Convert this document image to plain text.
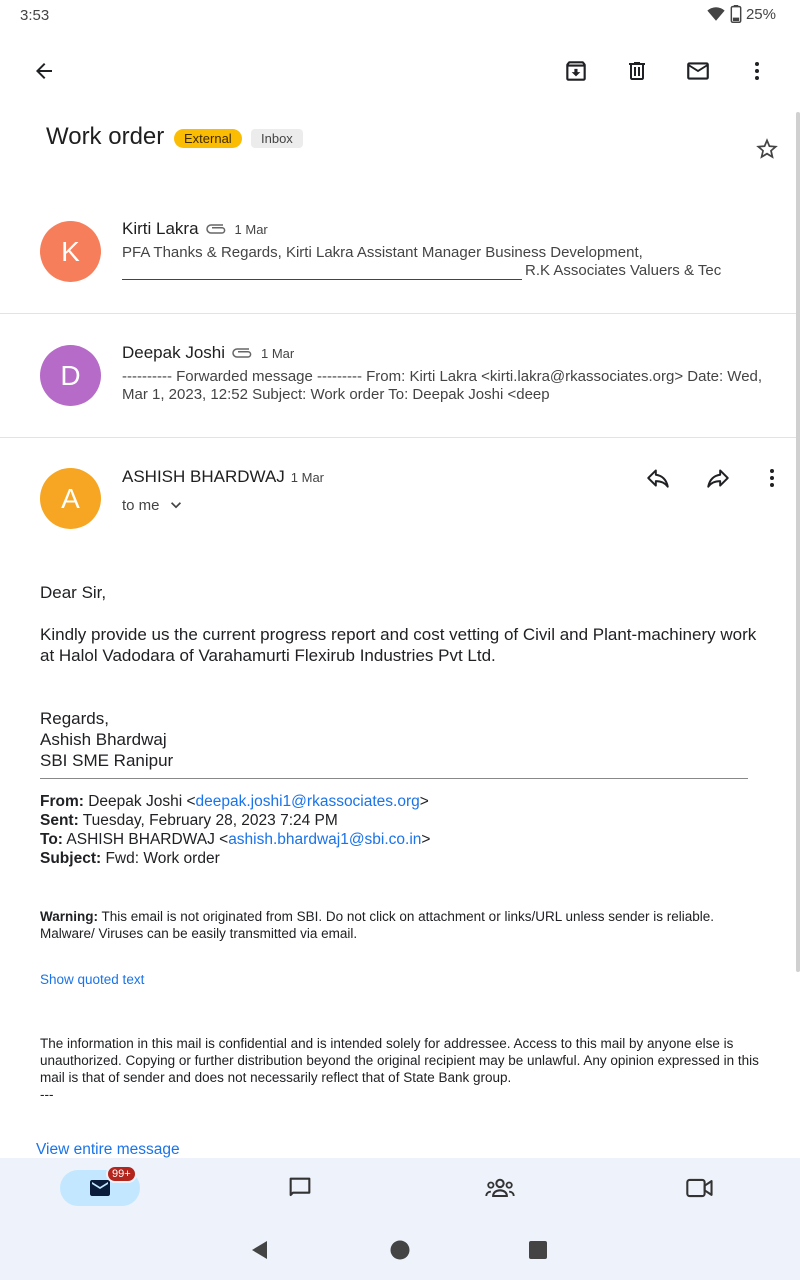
3:53	25%
Work order	External	Inbox
K
Kirti Lakra	1 Mar
PFA Thanks & Regards, Kirti Lakra Assistant Manager Business Development,
R.K Associates Valuers & Tec
D
Deepak Joshi	1 Mar
---------- Forwarded message --------- From: Kirti Lakra <kirti.lakra@rkassociates.org> Date: Wed, Mar 1, 2023, 12:52 Subject: Work order To: Deepak Joshi <deep
A
ASHISH BHARDWAJ 1 Mar
to me
Dear Sir,
Kindly provide us the current progress report and cost vetting of Civil and Plant-machinery work at Halol Vadodara of Varahamurti Flexirub Industries Pvt Ltd.
Regards,
Ashish Bhardwaj
SBI SME Ranipur
From: Deepak Joshi <deepak.joshi1@rkassociates.org>
Sent: Tuesday, February 28, 2023 7:24 PM
To: ASHISH BHARDWAJ <ashish.bhardwaj1@sbi.co.in>
Subject: Fwd: Work order
Warning: This email is not originated from SBI. Do not click on attachment or links/URL unless sender is reliable. Malware/ Viruses can be easily transmitted via email.
Show quoted text
The information in this mail is confidential and is intended solely for addressee. Access to this mail by anyone else is unauthorized. Copying or further distribution beyond the original recipient may be unlawful. Any opinion expressed in this mail is that of sender and does not necessarily reflect that of State Bank group.
---
View entire message
99+
